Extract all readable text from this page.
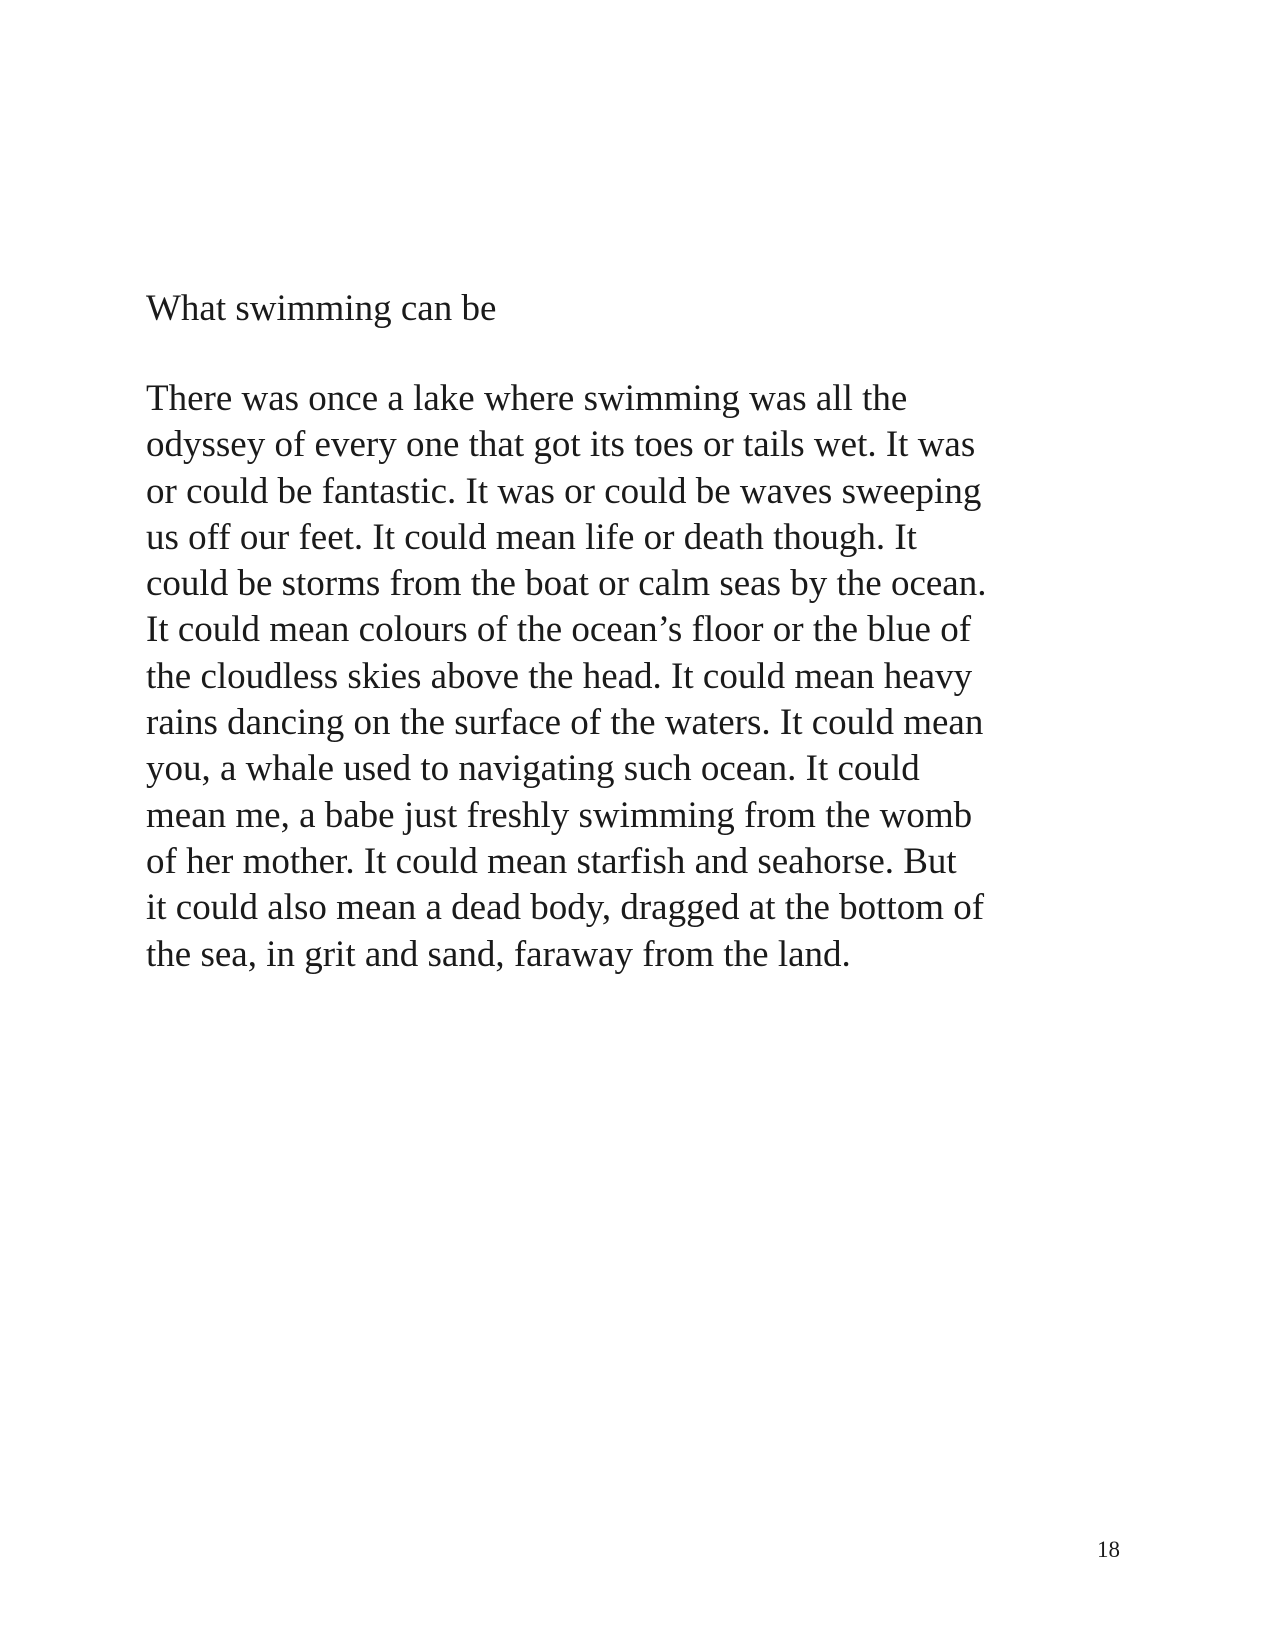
What swimming can be
There was once a lake where swimming was all the
odyssey of every one that got its toes or tails wet. It was
or could be fantastic. It was or could be waves sweeping
us off our feet. It could mean life or death though. It
could be storms from the boat or calm seas by the ocean.
It could mean colours of the ocean’s floor or the blue of
the cloudless skies above the head. It could mean heavy
rains dancing on the surface of the waters. It could mean
you, a whale used to navigating such ocean. It could
mean me, a babe just freshly swimming from the womb
of her mother. It could mean starfish and seahorse. But
it could also mean a dead body, dragged at the bottom of
the sea, in grit and sand, faraway from the land.
18
